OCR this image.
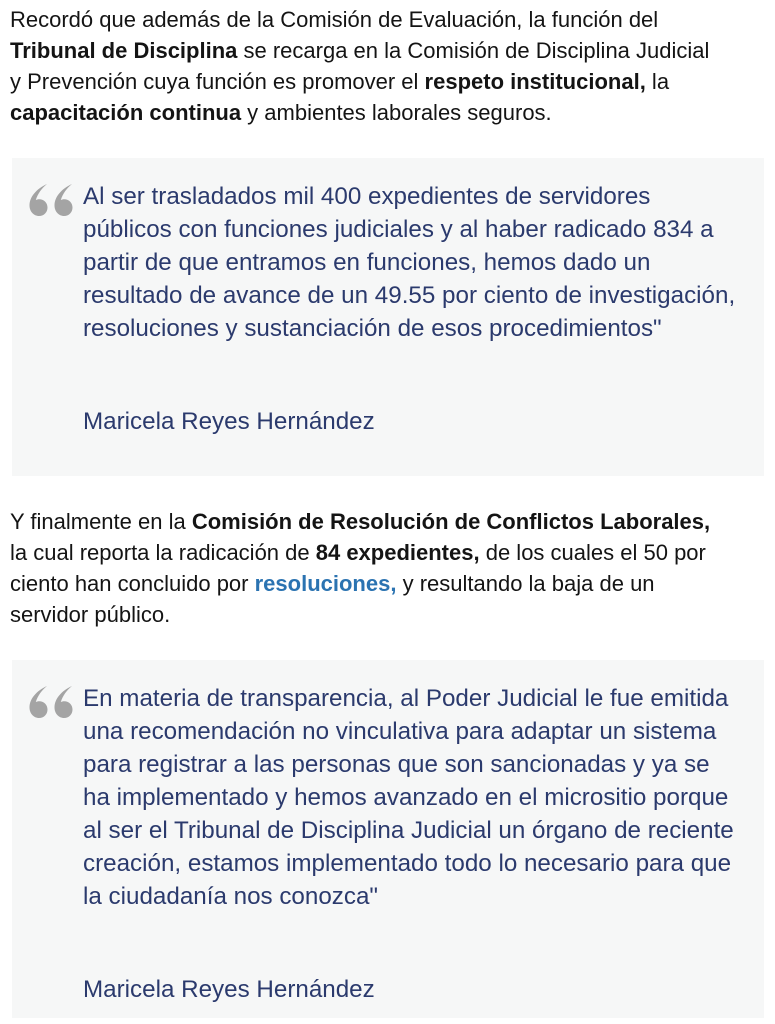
Recordó que además de la Comisión de Evaluación, la función del Tribunal de Disciplina se recarga en la Comisión de Disciplina Judicial y Prevención cuya función es promover el respeto institucional, la capacitación continua y ambientes laborales seguros.

Al ser trasladados mil 400 expedientes de servidores públicos con funciones judiciales y al haber radicado 834 a partir de que entramos en funciones, hemos dado un resultado de avance de un 49.55 por ciento de investigación, resoluciones y sustanciación de esos procedimientos"

Maricela Reyes Hernández

Y finalmente en la Comisión de Resolución de Conflictos Laborales, la cual reporta la radicación de 84 expedientes, de los cuales el 50 por ciento han concluido por resoluciones, y resultando la baja de un servidor público.

En materia de transparencia, al Poder Judicial le fue emitida una recomendación no vinculativa para adaptar un sistema para registrar a las personas que son sancionadas y ya se ha implementado y hemos avanzado en el micrositio porque al ser el Tribunal de Disciplina Judicial un órgano de reciente creación, estamos implementado todo lo necesario para que la ciudadanía nos conozca"

Maricela Reyes Hernández
